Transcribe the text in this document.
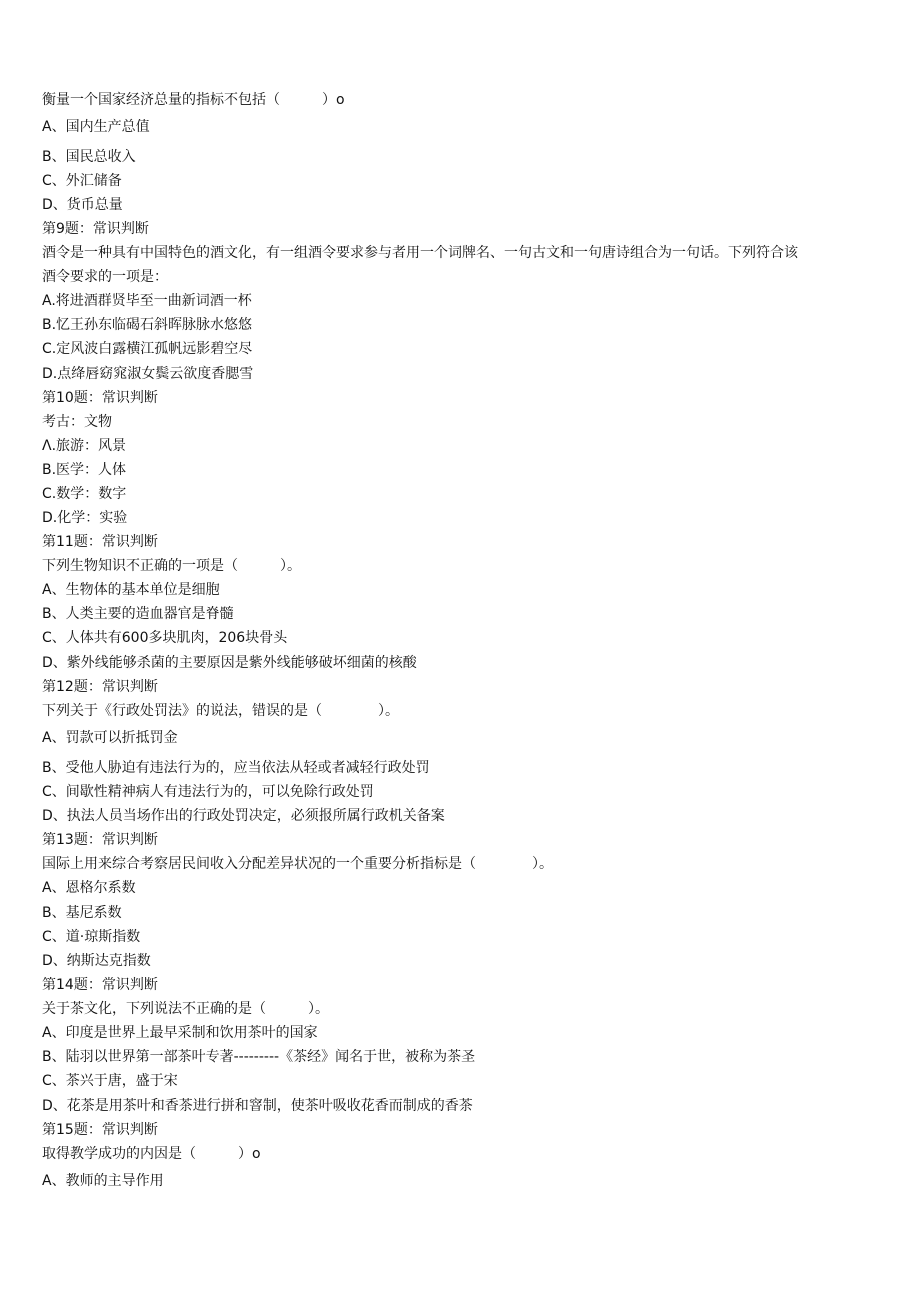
衡量一个国家经济总量的指标不包括（　　　）o
A、国内生产总值
B、国民总收入
C、外汇储备
D、货币总量
第9题：常识判断
酒令是一种具有中国特色的酒文化，有一组酒令要求参与者用一个词牌名、一句古文和一句唐诗组合为一句话。下列符合该
酒令要求的一项是：
A.将进酒群贤毕至一曲新词酒一杯
B.忆王孙东临碣石斜晖脉脉水悠悠
C.定风波白露横江孤帆远影碧空尽
D.点绛唇窈窕淑女鬓云欲度香腮雪
第10题：常识判断
考古：文物
Λ.旅游：风景
B.医学：人体
C.数学：数字
D.化学：实验
第11题：常识判断
下列生物知识不正确的一项是（　　　）。
A、生物体的基本单位是细胞
B、人类主要的造血器官是脊髓
C、人体共有600多块肌肉，206块骨头
D、紫外线能够杀菌的主要原因是紫外线能够破坏细菌的核酸
第12题：常识判断
下列关于《行政处罚法》的说法，错误的是（　　　　）。
A、罚款可以折抵罚金
B、受他人胁迫有违法行为的，应当依法从轻或者减轻行政处罚
C、间歇性精神病人有违法行为的，可以免除行政处罚
D、执法人员当场作出的行政处罚决定，必须报所属行政机关备案
第13题：常识判断
国际上用来综合考察居民间收入分配差异状况的一个重要分析指标是（　　　　）。
A、恩格尔系数
B、基尼系数
C、道·琼斯指数
D、纳斯达克指数
第14题：常识判断
关于茶文化，下列说法不正确的是（　　　）。
A、印度是世界上最早采制和饮用茶叶的国家
B、陆羽以世界第一部茶叶专著---------《茶经》闻名于世，被称为茶圣
C、茶兴于唐，盛于宋
D、花茶是用茶叶和香茶进行拼和窨制，使茶叶吸收花香而制成的香茶
第15题：常识判断
取得教学成功的内因是（　　　）o
A、教师的主导作用
